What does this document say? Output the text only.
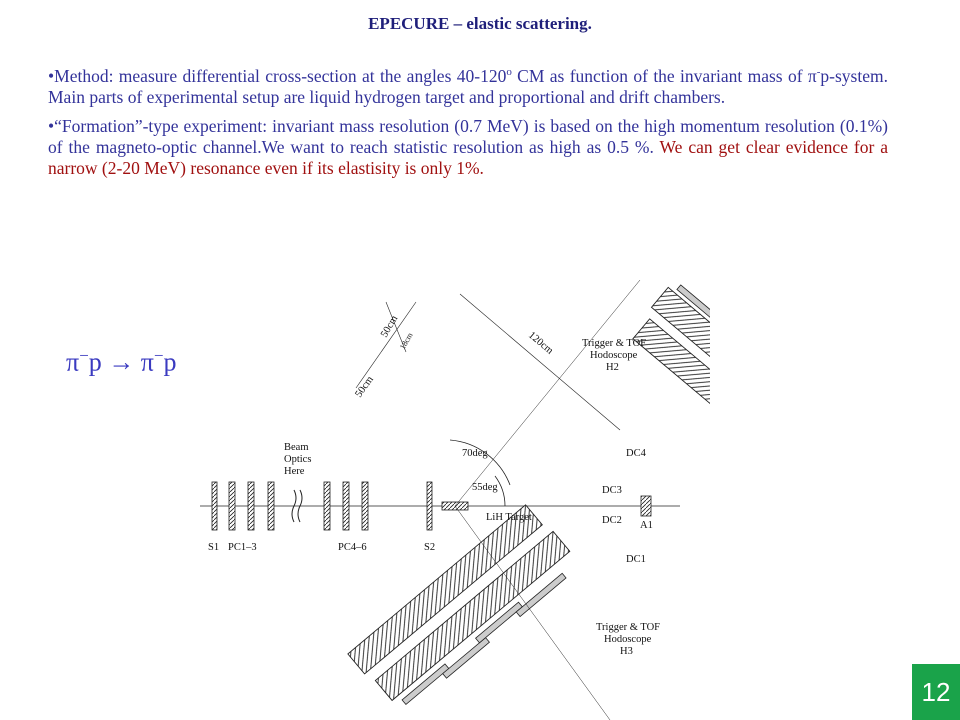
EPECURE – elastic scattering.
•Method: measure differential cross-section at the angles 40-120$^o$ CM as function of the invariant mass of π-p-system. Main parts of experimental setup are liquid hydrogen target and proportional and drift chambers.
•“Formation”-type experiment: invariant mass resolution (0.7 MeV) is based on the high momentum resolution (0.1%) of the magneto-optic channel.We want to reach statistic resolution as high as 0.5 %. We can get clear evidence for a narrow (2-20 MeV) resonance even if its elastisity is only 1%.
π−p → π−p
120cm
50cm
18cm
50cm
Trigger & TOF
Hodoscope
H2
Beam
Optics
Here
70deg
55deg
LiH Target
DC4
DC3
DC2
DC1
A1
S1 PC1–3	PC4–6	S2
Trigger & TOF
Hodoscope
H3
12
